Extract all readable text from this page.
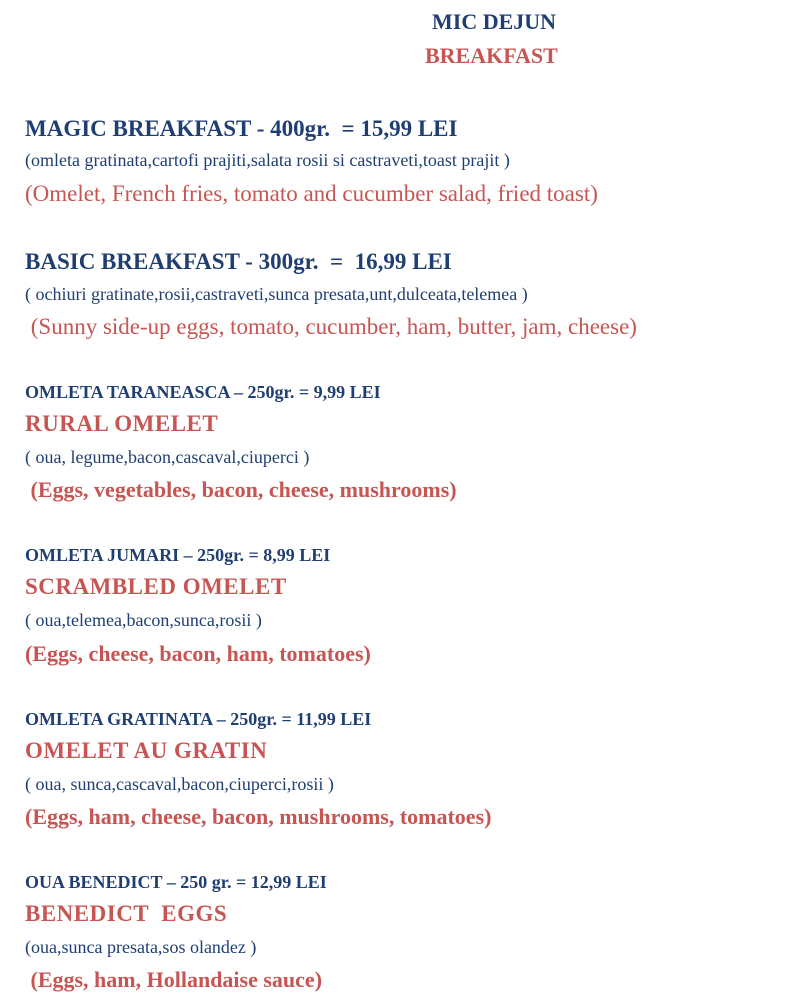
MIC DEJUN
BREAKFAST
MAGIC BREAKFAST - 400gr.  = 15,99 LEI
(omleta gratinata,cartofi prajiti,salata rosii si castraveti,toast prajit )
(Omelet, French fries, tomato and cucumber salad, fried toast)
BASIC BREAKFAST - 300gr.  =  16,99 LEI
( ochiuri gratinate,rosii,castraveti,sunca presata,unt,dulceata,telemea )
(Sunny side-up eggs, tomato, cucumber, ham, butter, jam, cheese)
OMLETA TARANEASCA – 250gr. = 9,99 LEI
RURAL OMELET
( oua, legume,bacon,cascaval,ciuperci )
(Eggs, vegetables, bacon, cheese, mushrooms)
OMLETA JUMARI – 250gr. = 8,99 LEI
SCRAMBLED OMELET
( oua,telemea,bacon,sunca,rosii )
(Eggs, cheese, bacon, ham, tomatoes)
OMLETA GRATINATA – 250gr. = 11,99 LEI
OMELET AU GRATIN
( oua, sunca,cascaval,bacon,ciuperci,rosii )
(Eggs, ham, cheese, bacon, mushrooms, tomatoes)
OUA BENEDICT – 250 gr. = 12,99 LEI
BENEDICT  EGGS
(oua,sunca presata,sos olandez )
(Eggs, ham, Hollandaise sauce)
